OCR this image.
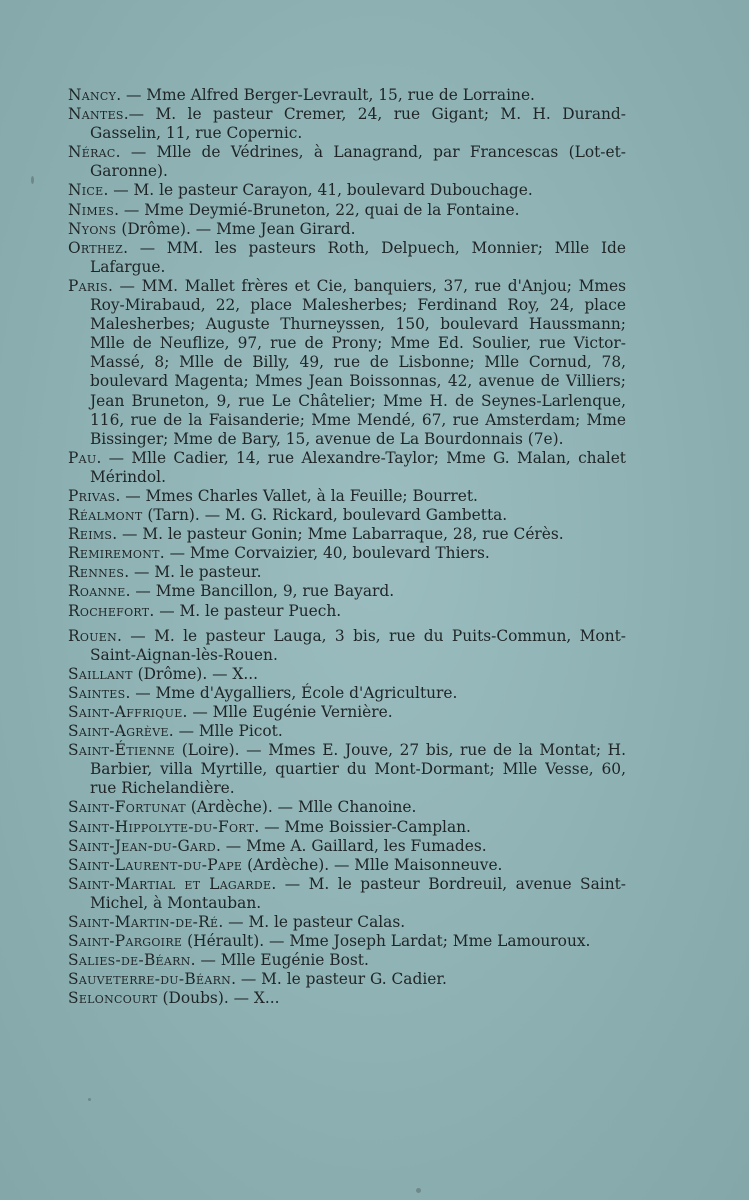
Nancy. — Mme Alfred Berger-Levrault, 15, rue de Lorraine.

Nantes.— M. le pasteur Cremer, 24, rue Gigant; M. H. Durand-Gasselin, 11, rue Copernic.

Nérac. — Mlle de Védrines, à Lanagrand, par Francescas (Lot-et-Garonne).

Nice. — M. le pasteur Carayon, 41, boulevard Dubouchage.

Nimes. — Mme Deymié-Bruneton, 22, quai de la Fontaine.

Nyons (Drôme). — Mme Jean Girard.

Orthez. — MM. les pasteurs Roth, Delpuech, Monnier; Mlle Ide Lafargue.

Paris. — MM. Mallet frères et Cie, banquiers, 37, rue d'Anjou; Mmes Roy-Mirabaud, 22, place Malesherbes; Ferdinand Roy, 24, place Malesherbes; Auguste Thurneyssen, 150, boulevard Haussmann; Mlle de Neuflize, 97, rue de Prony; Mme Ed. Soulier, rue Victor-Massé, 8; Mlle de Billy, 49, rue de Lisbonne; Mlle Cornud, 78, boulevard Magenta; Mmes Jean Boissonnas, 42, avenue de Villiers; Jean Bruneton, 9, rue Le Châtelier; Mme H. de Seynes-Larlenque, 116, rue de la Faisanderie; Mme Mendé, 67, rue Amsterdam; Mme Bissinger; Mme de Bary, 15, avenue de La Bourdonnais (7e).

Pau. — Mlle Cadier, 14, rue Alexandre-Taylor; Mme G. Malan, chalet Mérindol.

Privas. — Mmes Charles Vallet, à la Feuille; Bourret.

Réalmont (Tarn). — M. G. Rickard, boulevard Gambetta.

Reims. — M. le pasteur Gonin; Mme Labarraque, 28, rue Cérès.

Remiremont. — Mme Corvaizier, 40, boulevard Thiers.

Rennes. — M. le pasteur.

Roanne. — Mme Bancillon, 9, rue Bayard.

Rochefort. — M. le pasteur Puech.

Rouen. — M. le pasteur Lauga, 3 bis, rue du Puits-Commun, Mont-Saint-Aignan-lès-Rouen.

Saillant (Drôme). — X...

Saintes. — Mme d'Aygalliers, École d'Agriculture.

Saint-Affrique. — Mlle Eugénie Vernière.

Saint-Agrève. — Mlle Picot.

Saint-Étienne (Loire). — Mmes E. Jouve, 27 bis, rue de la Montat; H. Barbier, villa Myrtille, quartier du Mont-Dormant; Mlle Vesse, 60, rue Richelandière.

Saint-Fortunat (Ardèche). — Mlle Chanoine.

Saint-Hippolyte-du-Fort. — Mme Boissier-Camplan.

Saint-Jean-du-Gard. — Mme A. Gaillard, les Fumades.

Saint-Laurent-du-Pape (Ardèche). — Mlle Maisonneuve.

Saint-Martial et Lagarde. — M. le pasteur Bordreuil, avenue Saint-Michel, à Montauban.

Saint-Martin-de-Ré. — M. le pasteur Calas.

Saint-Pargoire (Hérault). — Mme Joseph Lardat; Mme Lamouroux.

Salies-de-Béarn. — Mlle Eugénie Bost.

Sauveterre-du-Béarn. — M. le pasteur G. Cadier.

Seloncourt (Doubs). — X...
